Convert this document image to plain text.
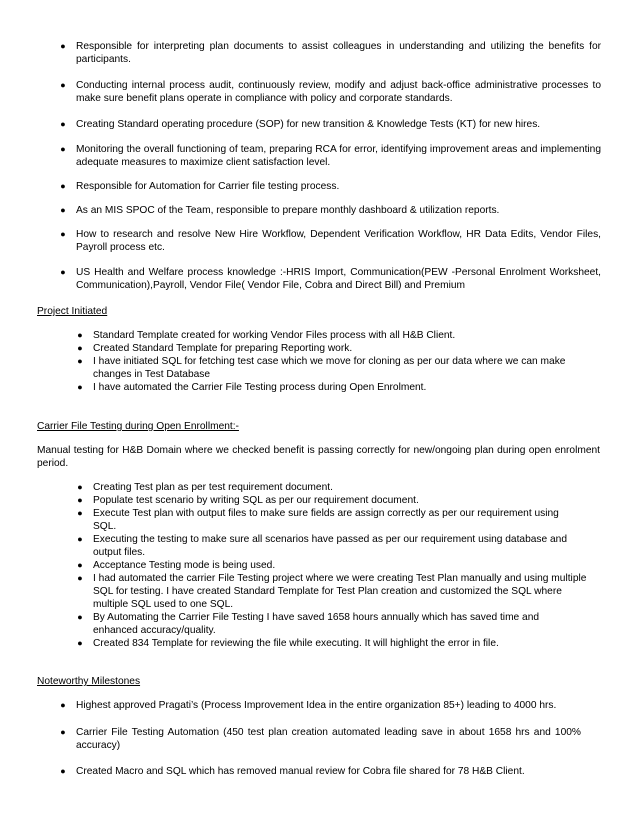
● Responsible for interpreting plan documents to assist colleagues in understanding and utilizing the benefits for participants.
● Conducting internal process audit, continuously review, modify and adjust back-office administrative processes to make sure benefit plans operate in compliance with policy and corporate standards.
● Creating Standard operating procedure (SOP) for new transition & Knowledge Tests (KT) for new hires.
● Monitoring the overall functioning of team, preparing RCA for error, identifying improvement areas and implementing adequate measures to maximize client satisfaction level.
● Responsible for Automation for Carrier file testing process.
● As an MIS SPOC of the Team, responsible to prepare monthly dashboard & utilization reports.
● How to research and resolve New Hire Workflow, Dependent Verification Workflow, HR Data Edits, Vendor Files, Payroll process etc.
● US Health and Welfare process knowledge :-HRIS Import, Communication(PEW -Personal Enrolment Worksheet, Communication),Payroll, Vendor File( Vendor File, Cobra and Direct Bill) and Premium
Project Initiated
● Standard Template created for working Vendor Files process with all H&B Client.
● Created Standard Template for preparing Reporting work.
● I have initiated SQL for fetching test case which we move for cloning as per our data where we can make changes in Test Database
● I have automated the Carrier File Testing process during Open Enrolment.
Carrier File Testing during Open Enrollment:-
Manual testing for H&B Domain where we checked benefit is passing correctly for new/ongoing plan during open enrolment period.
● Creating Test plan as per test requirement document.
● Populate test scenario by writing SQL as per our requirement document.
● Execute Test plan with output files to make sure fields are assign correctly as per our requirement using SQL.
● Executing the testing to make sure all scenarios have passed as per our requirement using database and output files.
● Acceptance Testing mode is being used.
● I had automated the carrier File Testing project where we were creating Test Plan manually and using multiple SQL for testing. I have created Standard Template for Test Plan creation and customized the SQL where multiple SQL used to one SQL.
● By Automating the Carrier File Testing I have saved 1658 hours annually which has saved time and enhanced accuracy/quality.
● Created 834 Template for reviewing the file while executing. It will highlight the error in file.
Noteworthy Milestones
● Highest approved Pragati’s (Process Improvement Idea in the entire organization 85+) leading to 4000 hrs.
● Carrier File Testing Automation (450 test plan creation automated leading save in about 1658 hrs and 100% accuracy)
● Created Macro and SQL which has removed manual review for Cobra file shared for 78 H&B Client.
